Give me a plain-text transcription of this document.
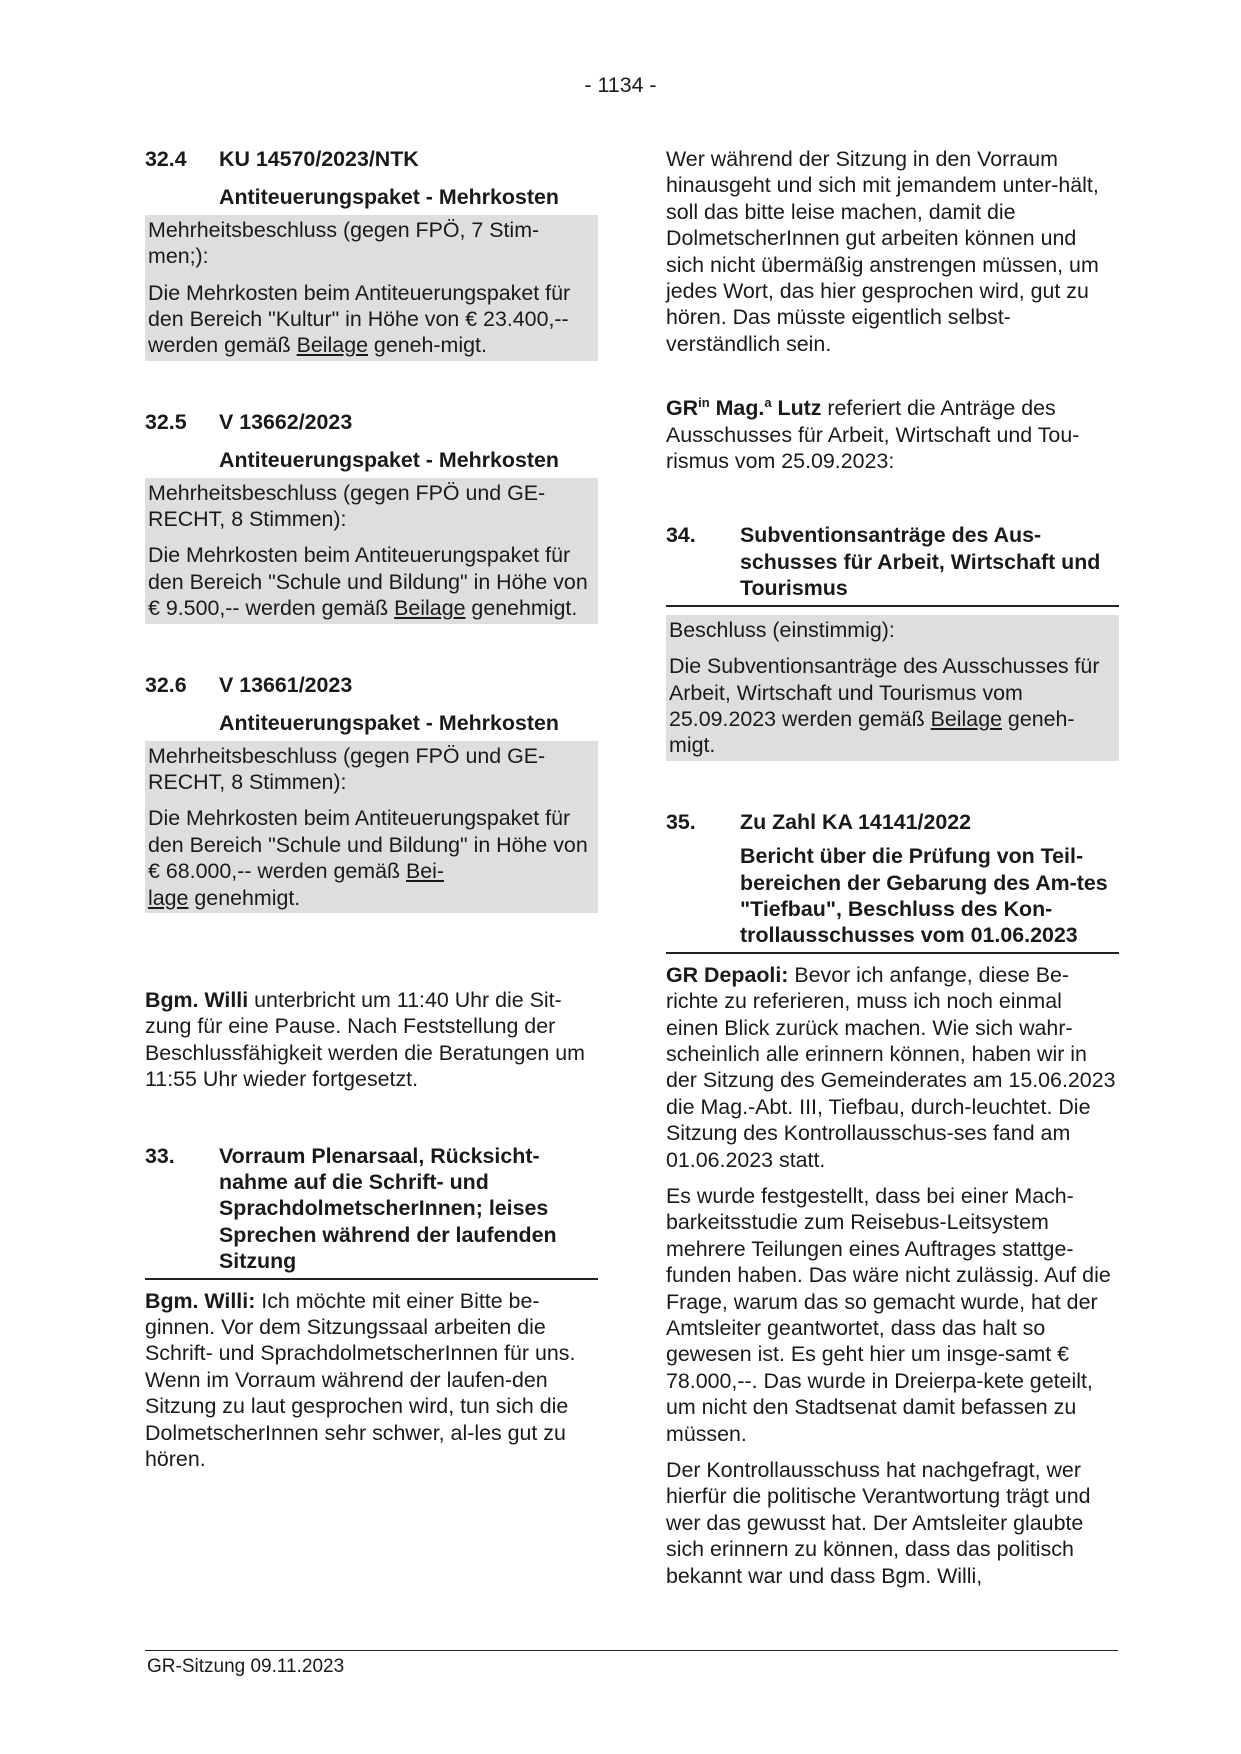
- 1134 -
32.4	KU 14570/2023/NTK
Antiteuerungspaket - Mehrkosten

Mehrheitsbeschluss (gegen FPÖ, 7 Stim-
men;):

Die Mehrkosten beim Antiteuerungspaket für den Bereich "Kultur" in Höhe von € 23.400,-- werden gemäß Beilage geneh-migt.

32.5	V 13662/2023
Antiteuerungspaket - Mehrkosten

Mehrheitsbeschluss (gegen FPÖ und GE-
RECHT, 8 Stimmen):

Die Mehrkosten beim Antiteuerungspaket für den Bereich "Schule und Bildung" in Höhe von € 9.500,-- werden gemäß Beilage genehmigt.

32.6	V 13661/2023
Antiteuerungspaket - Mehrkosten

Mehrheitsbeschluss (gegen FPÖ und GE-
RECHT, 8 Stimmen):

Die Mehrkosten beim Antiteuerungspaket für den Bereich "Schule und Bildung" in Höhe von € 68.000,-- werden gemäß Bei-
lage genehmigt.

Bgm. Willi unterbricht um 11:40 Uhr die Sit-zung für eine Pause. Nach Feststellung der Beschlussfähigkeit werden die Beratungen um 11:55 Uhr wieder fortgesetzt.

33.	Vorraum Plenarsaal, Rücksicht-nahme auf die Schrift- und SprachdolmetscherInnen; leises Sprechen während der laufenden Sitzung

Bgm. Willi: Ich möchte mit einer Bitte be-ginnen. Vor dem Sitzungssaal arbeiten die Schrift- und SprachdolmetscherInnen für uns. Wenn im Vorraum während der laufen-den Sitzung zu laut gesprochen wird, tun sich die DolmetscherInnen sehr schwer, al-les gut zu hören.

Wer während der Sitzung in den Vorraum hinausgeht und sich mit jemandem unter-hält, soll das bitte leise machen, damit die DolmetscherInnen gut arbeiten können und sich nicht übermäßig anstrengen müssen, um jedes Wort, das hier gesprochen wird, gut zu hören. Das müsste eigentlich selbst-verständlich sein.

$GR^{in}$ Mag.$^a$ Lutz referiert die Anträge des Ausschusses für Arbeit, Wirtschaft und Tou-rismus vom 25.09.2023:

34.	Subventionsanträge des Aus-schusses für Arbeit, Wirtschaft und Tourismus

Beschluss (einstimmig):

Die Subventionsanträge des Ausschusses für Arbeit, Wirtschaft und Tourismus vom 25.09.2023 werden gemäß Beilage geneh-migt.

35.	Zu Zahl KA 14141/2022
Bericht über die Prüfung von Teil-bereichen der Gebarung des Am-tes "Tiefbau", Beschluss des Kon-trollausschusses vom 01.06.2023

GR Depaoli: Bevor ich anfange, diese Be-richte zu referieren, muss ich noch einmal einen Blick zurück machen. Wie sich wahr-scheinlich alle erinnern können, haben wir in der Sitzung des Gemeinderates am 15.06.2023 die Mag.-Abt. III, Tiefbau, durch-leuchtet. Die Sitzung des Kontrollausschus-ses fand am 01.06.2023 statt.

Es wurde festgestellt, dass bei einer Mach-barkeitsstudie zum Reisebus-Leitsystem mehrere Teilungen eines Auftrages stattge-funden haben. Das wäre nicht zulässig. Auf die Frage, warum das so gemacht wurde, hat der Amtsleiter geantwortet, dass das halt so gewesen ist. Es geht hier um insge-samt € 78.000,--. Das wurde in Dreierpa-kete geteilt, um nicht den Stadtsenat damit befassen zu müssen.

Der Kontrollausschuss hat nachgefragt, wer hierfür die politische Verantwortung trägt und wer das gewusst hat. Der Amtsleiter glaubte sich erinnern zu können, dass das politisch bekannt war und dass Bgm. Willi,

GR-Sitzung 09.11.2023
